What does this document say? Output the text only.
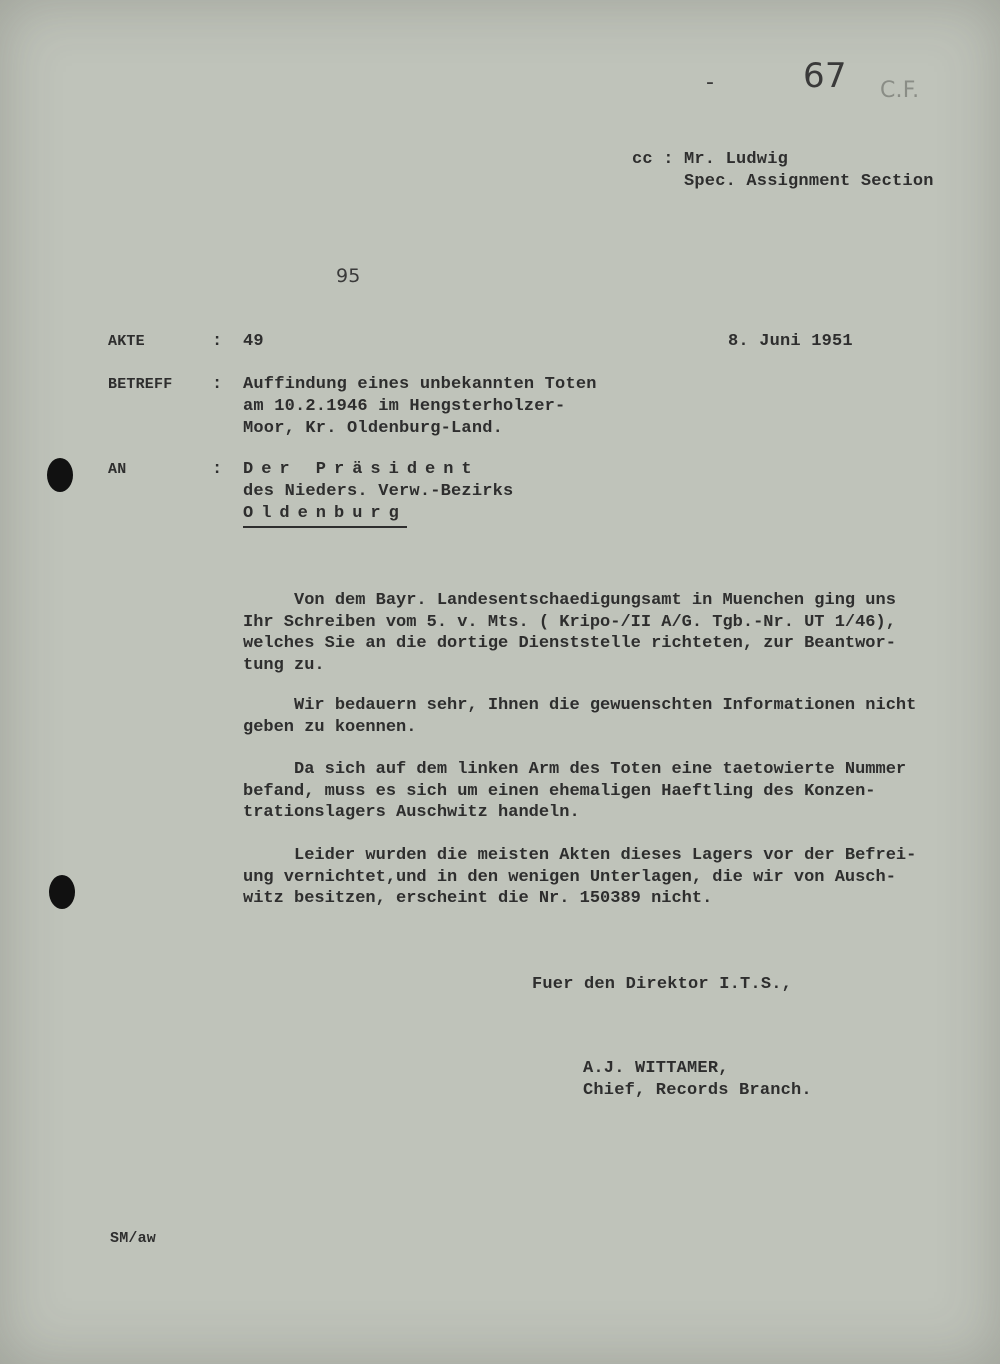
-	67 C.F.
cc : Mr. Ludwig
Spec. Assignment Section
95
AKTE	: 49	8. Juni 1951
BETREFF : Auffindung eines unbekannten Toten
am 10.2.1946 im Hengsterholzer-
Moor, Kr. Oldenburg-Land.
AN	: Der Präsident
des Nieders. Verw.-Bezirks
Oldenburg
Von dem Bayr. Landesentschaedigungsamt in Muenchen ging uns
Ihr Schreiben vom 5. v. Mts. ( Kripo-/II A/G. Tgb.-Nr. UT 1/46),
welches Sie an die dortige Dienststelle richteten, zur Beantwor-
tung zu.
Wir bedauern sehr, Ihnen die gewuenschten Informationen nicht
geben zu koennen.
Da sich auf dem linken Arm des Toten eine taetowierte Nummer
befand, muss es sich um einen ehemaligen Haeftling des Konzen-
trationslagers Auschwitz handeln.
Leider wurden die meisten Akten dieses Lagers vor der Befrei-
ung vernichtet,und in den wenigen Unterlagen, die wir von Ausch-
witz besitzen, erscheint die Nr. 150389 nicht.
Fuer den Direktor I.T.S.,
A.J. WITTAMER,
Chief, Records Branch.
SM/aw
